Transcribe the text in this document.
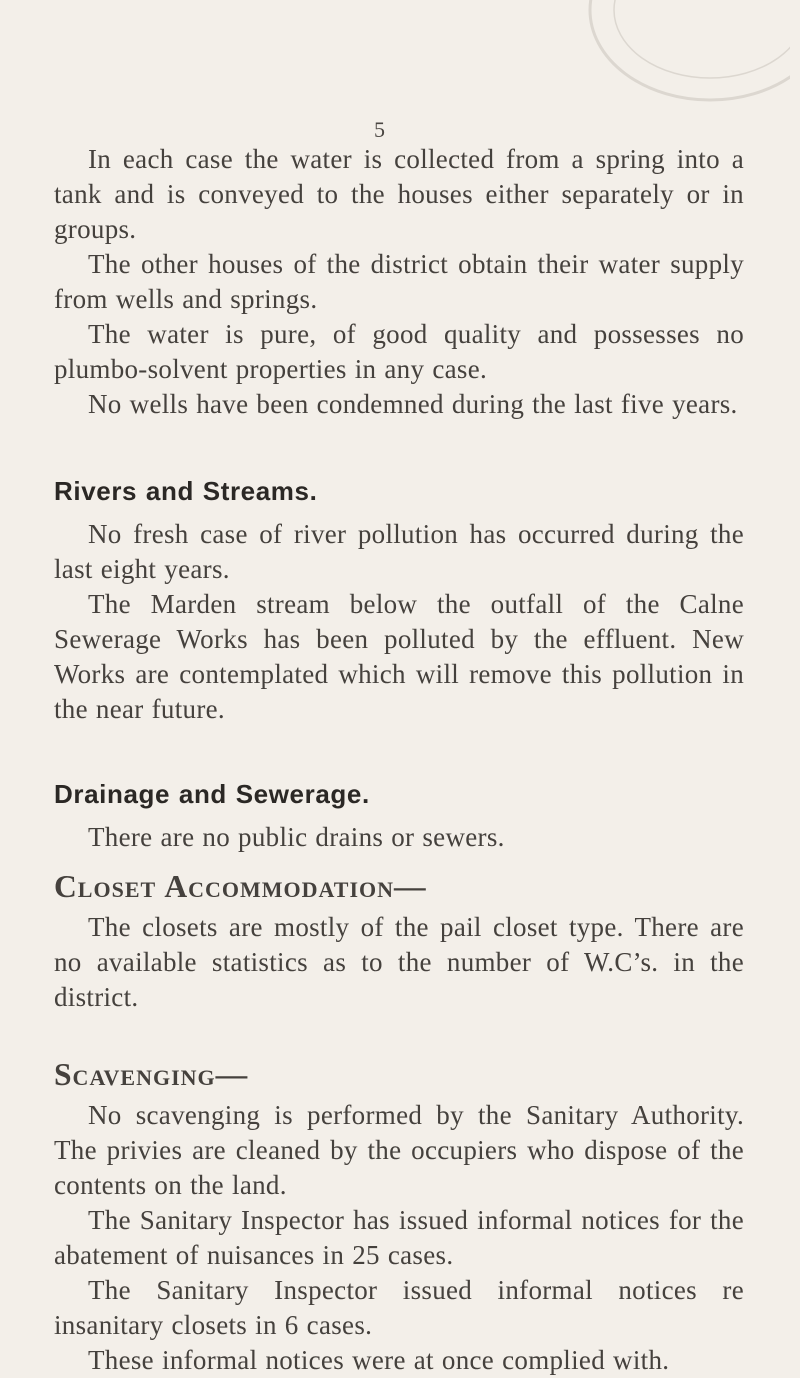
5

In each case the water is collected from a spring into a tank and is conveyed to the houses either separately or in groups.

The other houses of the district obtain their water supply from wells and springs.

The water is pure, of good quality and possesses no plumbo-solvent properties in any case.

No wells have been condemned during the last five years.

Rivers and Streams.

No fresh case of river pollution has occurred during the last eight years.

The Marden stream below the outfall of the Calne Sewerage Works has been polluted by the effluent. New Works are contemplated which will remove this pollution in the near future.

Drainage and Sewerage.

There are no public drains or sewers.

Closet Accommodation—

The closets are mostly of the pail closet type. There are no available statistics as to the number of W.C’s. in the district.

Scavenging—

No scavenging is performed by the Sanitary Authority. The privies are cleaned by the occupiers who dispose of the contents on the land.

The Sanitary Inspector has issued informal notices for the abatement of nuisances in 25 cases.

The Sanitary Inspector issued informal notices re insanitary closets in 6 cases.

These informal notices were at once complied with.
